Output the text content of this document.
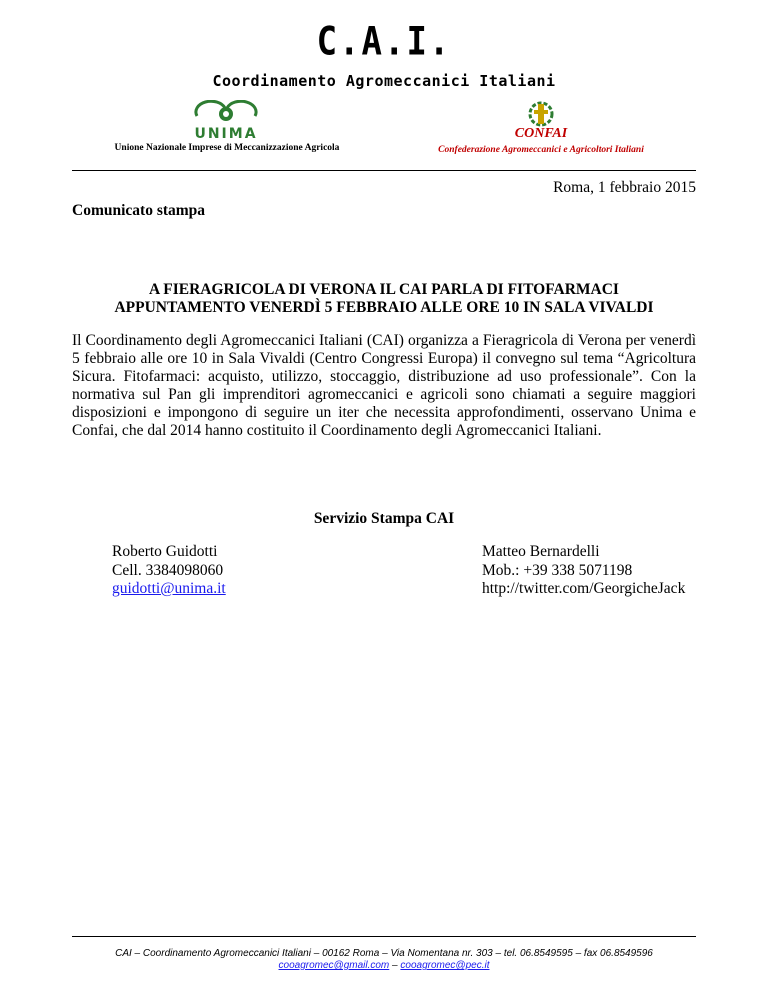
C.A.I.
Coordinamento Agromeccanici Italiani
UNIMA
Unione Nazionale Imprese di Meccanizzazione Agricola
CONFAI
Confederazione Agromeccanici e Agricoltori Italiani
Roma, 1 febbraio 2015
Comunicato stampa
A FIERAGRICOLA DI VERONA IL CAI PARLA DI FITOFARMACI
APPUNTAMENTO VENERDÌ 5 FEBBRAIO ALLE ORE 10 IN SALA VIVALDI
Il Coordinamento degli Agromeccanici Italiani (CAI) organizza a Fieragricola di Verona per venerdì 5 febbraio alle ore 10 in Sala Vivaldi (Centro Congressi Europa) il convegno sul tema “Agricoltura Sicura. Fitofarmaci: acquisto, utilizzo, stoccaggio, distribuzione ad uso professionale”. Con la normativa sul Pan gli imprenditori agromeccanici e agricoli sono chiamati a seguire maggiori disposizioni e impongono di seguire un iter che necessita approfondimenti, osservano Unima e Confai, che dal 2014 hanno costituito il Coordinamento degli Agromeccanici Italiani.
Servizio Stampa CAI
Roberto Guidotti
Cell. 3384098060
guidotti@unima.it
Matteo Bernardelli
Mob.: +39 338 5071198
http://twitter.com/GeorgicheJack
CAI – Coordinamento Agromeccanici Italiani – 00162 Roma – Via Nomentana nr. 303 – tel. 06.8549595 – fax 06.8549596
cooagromec@gmail.com – cooagromec@pec.it
